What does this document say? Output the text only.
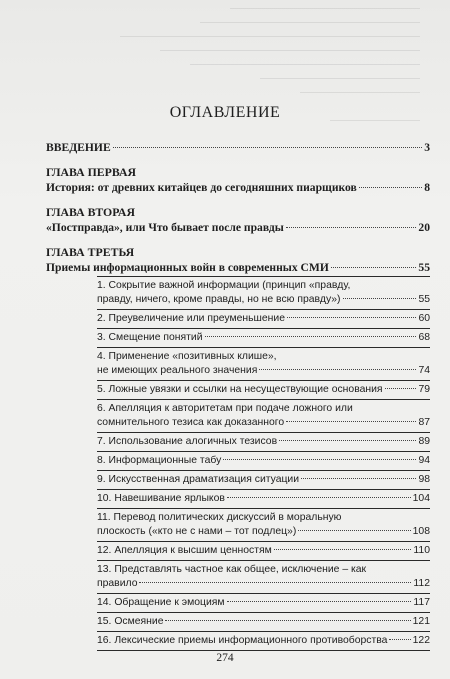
ОГЛАВЛЕНИЕ
ВВЕДЕНИЕ	3
ГЛАВА ПЕРВАЯ
История: от древних китайцев до сегодняшних пиарщиков	8
ГЛАВА ВТОРАЯ
«Постправда», или Что бывает после правды	20
ГЛАВА ТРЕТЬЯ
Приемы информационных войн в современных СМИ	55
1. Сокрытие важной информации (принцип «правду,
правду, ничего, кроме правды, но не всю правду»)	55
2. Преувеличение или преуменьшение	60
3. Смещение понятий	68
4. Применение «позитивных клише»,
не имеющих реального значения	74
5. Ложные увязки и ссылки на несуществующие основания	79
6. Апелляция к авторитетам при подаче ложного или
сомнительного тезиса как доказанного	87
7. Использование алогичных тезисов	89
8. Информационные табу	94
9. Искусственная драматизация ситуации	98
10. Навешивание ярлыков	104
11. Перевод политических дискуссий в моральную
плоскость («кто не с нами – тот подлец»)	108
12. Апелляция к высшим ценностям	110
13. Представлять частное как общее, исключение – как
правило	112
14. Обращение к эмоциям	117
15. Осмеяние	121
16. Лексические приемы информационного противоборства 122
274
